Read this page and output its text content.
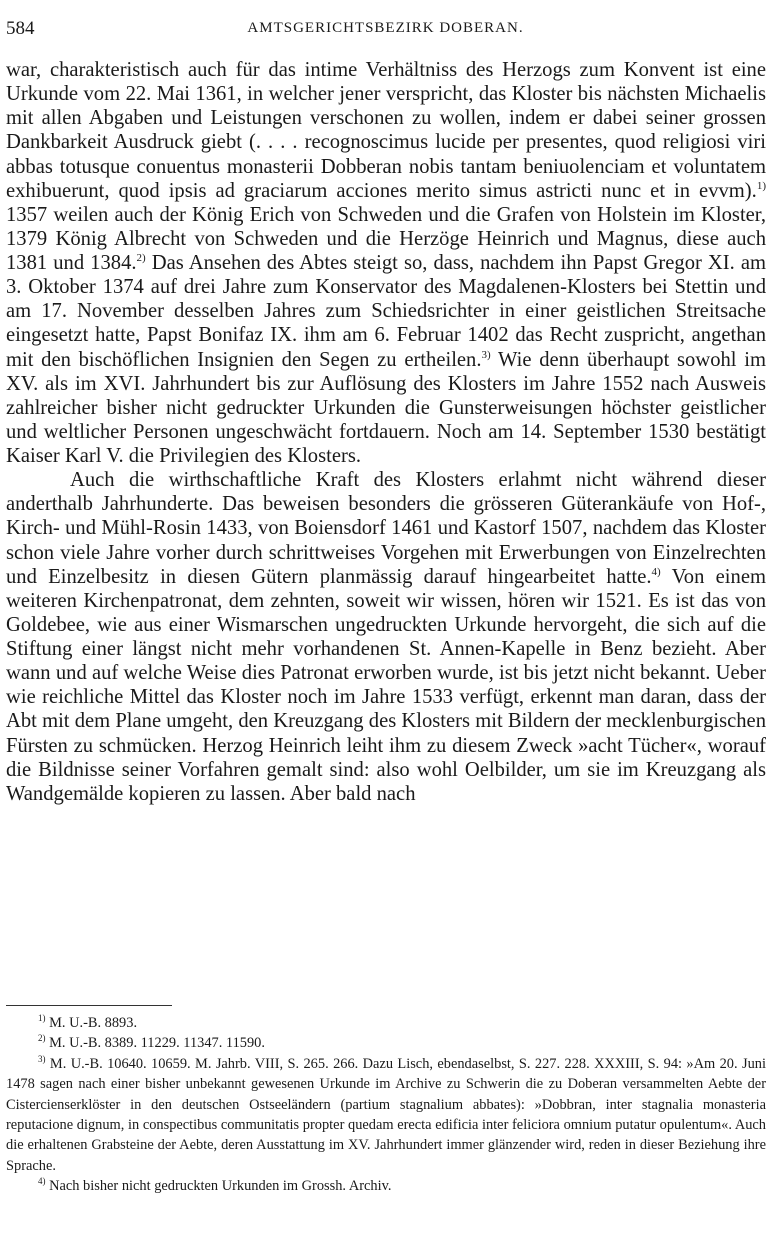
584	AMTSGERICHTSBEZIRK DOBERAN.

war, charakteristisch auch für das intime Verhältniss des Herzogs zum Konvent ist eine Urkunde vom 22. Mai 1361, in welcher jener verspricht, das Kloster bis nächsten Michaelis mit allen Abgaben und Leistungen verschonen zu wollen, indem er dabei seiner grossen Dankbarkeit Ausdruck giebt (. . . . recognoscimus lucide per presentes, quod religiosi viri abbas totusque conuentus monasterii Dobberan nobis tantam beniuolenciam et voluntatem exhibuerunt, quod ipsis ad graciarum acciones merito simus astricti nunc et in evvm).$^{1)}$ 1357 weilen auch der König Erich von Schweden und die Grafen von Holstein im Kloster, 1379 König Albrecht von Schweden und die Herzöge Heinrich und Magnus, diese auch 1381 und 1384.$^{2)}$ Das Ansehen des Abtes steigt so, dass, nachdem ihn Papst Gregor XI. am 3. Oktober 1374 auf drei Jahre zum Konservator des Magdalenen-Klosters bei Stettin und am 17. November desselben Jahres zum Schiedsrichter in einer geistlichen Streitsache eingesetzt hatte, Papst Bonifaz IX. ihm am 6. Februar 1402 das Recht zuspricht, angethan mit den bischöflichen Insignien den Segen zu ertheilen.$^{3)}$ Wie denn überhaupt sowohl im XV. als im XVI. Jahrhundert bis zur Auflösung des Klosters im Jahre 1552 nach Ausweis zahlreicher bisher nicht gedruckter Urkunden die Gunsterweisungen höchster geistlicher und weltlicher Personen ungeschwächt fortdauern. Noch am 14. September 1530 bestätigt Kaiser Karl V. die Privilegien des Klosters.

Auch die wirthschaftliche Kraft des Klosters erlahmt nicht während dieser anderthalb Jahrhunderte. Das beweisen besonders die grösseren Güterankäufe von Hof-, Kirch- und Mühl-Rosin 1433, von Boiensdorf 1461 und Kastorf 1507, nachdem das Kloster schon viele Jahre vorher durch schrittweises Vorgehen mit Erwerbungen von Einzelrechten und Einzelbesitz in diesen Gütern planmässig darauf hingearbeitet hatte.$^{4)}$ Von einem weiteren Kirchenpatronat, dem zehnten, soweit wir wissen, hören wir 1521. Es ist das von Goldebee, wie aus einer Wismarschen ungedruckten Urkunde hervorgeht, die sich auf die Stiftung einer längst nicht mehr vorhandenen St. Annen-Kapelle in Benz bezieht. Aber wann und auf welche Weise dies Patronat erworben wurde, ist bis jetzt nicht bekannt. Ueber wie reichliche Mittel das Kloster noch im Jahre 1533 verfügt, erkennt man daran, dass der Abt mit dem Plane umgeht, den Kreuzgang des Klosters mit Bildern der mecklenburgischen Fürsten zu schmücken. Herzog Heinrich leiht ihm zu diesem Zweck »acht Tücher«, worauf die Bildnisse seiner Vorfahren gemalt sind: also wohl Oelbilder, um sie im Kreuzgang als Wandgemälde kopieren zu lassen. Aber bald nach

$^{1)}$ M. U.-B. 8893.

$^{2)}$ M. U.-B. 8389. 11229. 11347. 11590.

$^{3)}$ M. U.-B. 10640. 10659. M. Jahrb. VIII, S. 265. 266. Dazu Lisch, ebendaselbst, S. 227. 228. XXXIII, S. 94: »Am 20. Juni 1478 sagen nach einer bisher unbekannt gewesenen Urkunde im Archive zu Schwerin die zu Doberan versammelten Aebte der Cistercienserklöster in den deutschen Ostseeländern (partium stagnalium abbates): »Dobbran, inter stagnalia monasteria reputacione dignum, in conspectibus communitatis propter quedam erecta edificia inter feliciora omnium putatur opulentum«. Auch die erhaltenen Grabsteine der Aebte, deren Ausstattung im XV. Jahrhundert immer glänzender wird, reden in dieser Beziehung ihre Sprache.

$^{4)}$ Nach bisher nicht gedruckten Urkunden im Grossh. Archiv.
